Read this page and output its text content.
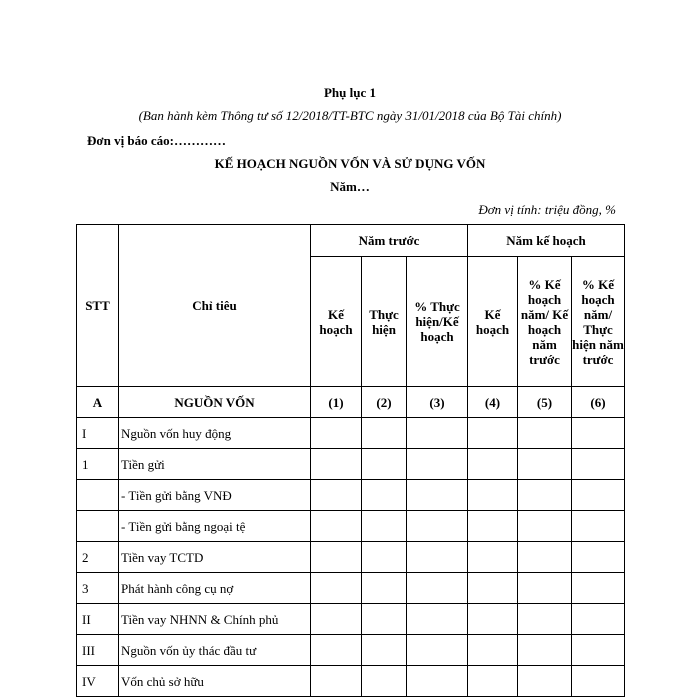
Phụ lục 1
(Ban hành kèm Thông tư số 12/2018/TT-BTC ngày 31/01/2018 của Bộ Tài chính)
Đơn vị báo cáo:…………
KẾ HOẠCH NGUỒN VỐN VÀ SỬ DỤNG VỐN
Năm…
Đơn vị tính: triệu đồng, %
STT	Chỉ tiêu	Năm trước			Năm kế hoạch		
		Kế hoạch	Thực hiện	% Thực hiện/Kế hoạch	Kế hoạch	% Kế hoạch năm/ Kế hoạch năm trước	% Kế hoạch năm/ Thực hiện năm trước
A	NGUỒN VỐN	(1)	(2)	(3)	(4)	(5)	(6)
I	Nguồn vốn huy động						
1	Tiền gửi						
	- Tiền gửi bằng VNĐ						
	- Tiền gửi bằng ngoại tệ						
2	Tiền vay TCTD						
3	Phát hành công cụ nợ						
II	Tiền vay NHNN & Chính phủ						
III	Nguồn vốn ủy thác đầu tư						
IV	Vốn chủ sở hữu						
